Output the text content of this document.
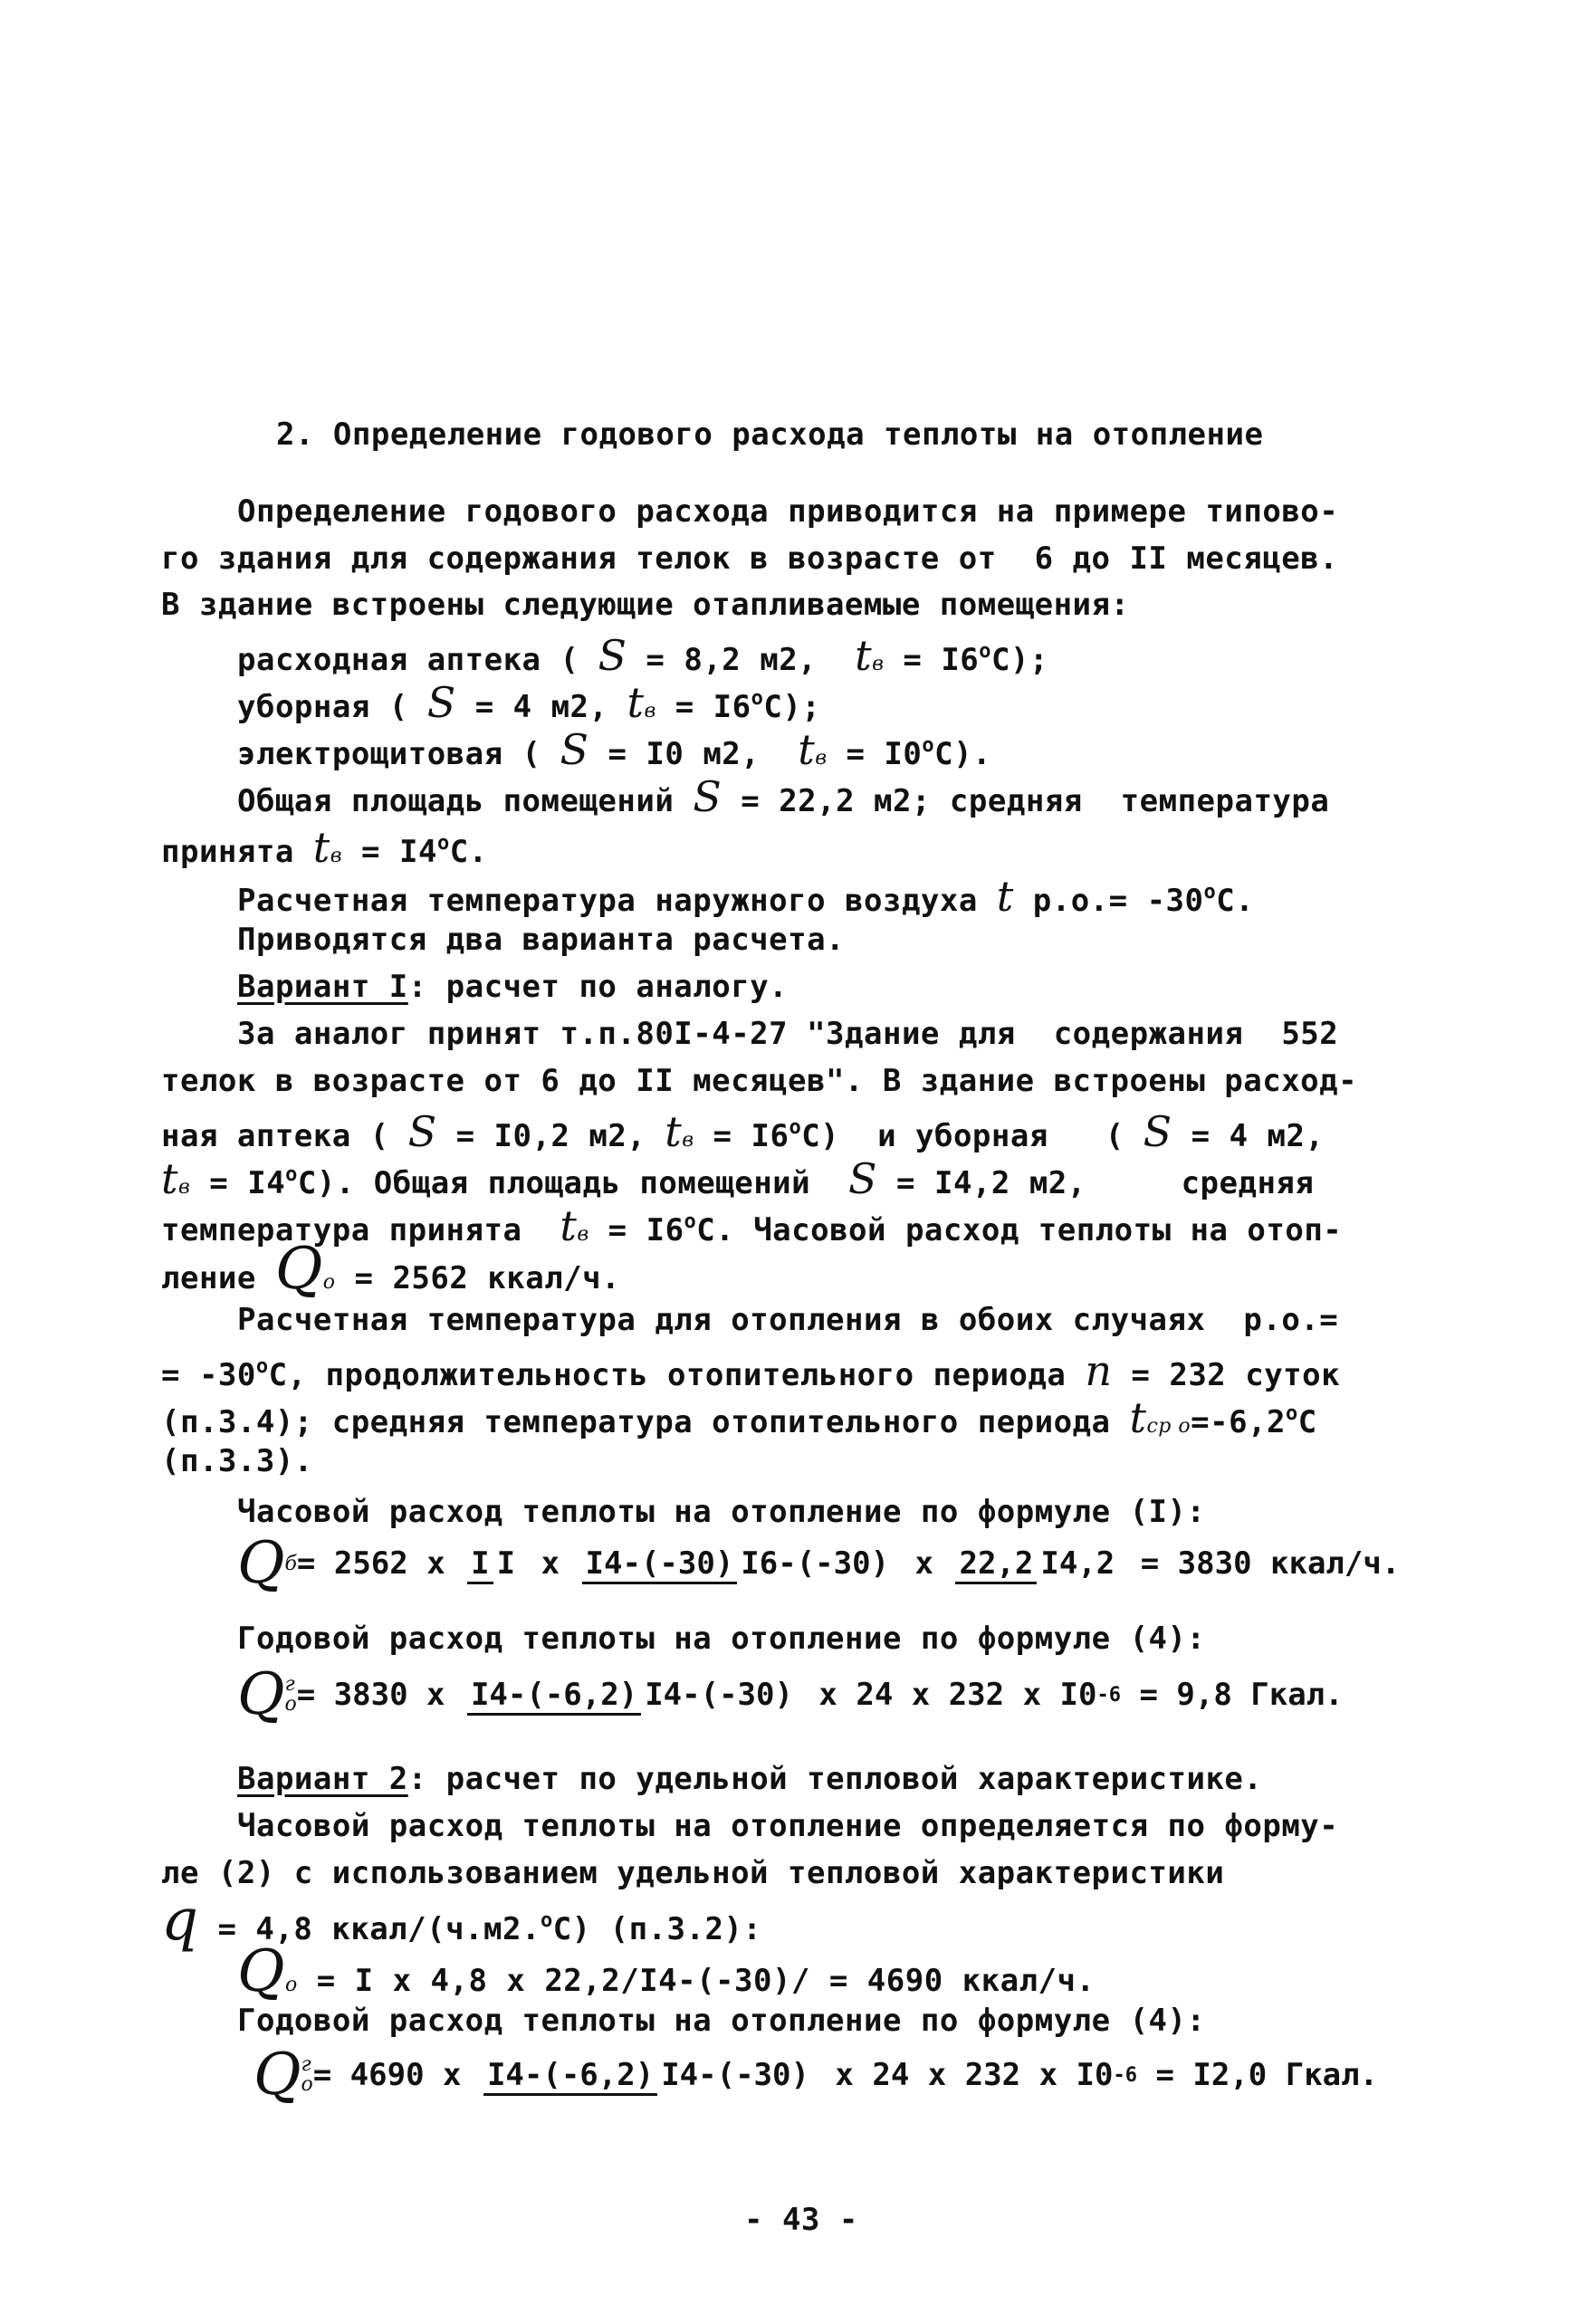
2. Определение годового расхода теплоты на отопление
Определение годового расхода приводится на примере типово-
го здания для содержания телок в возрасте от  6 до II месяцев.
В здание встроены следующие отапливаемые помещения:
расходная аптека ( S = 8,2 м2,  tв = $I6^оС$);
уборная ( S = 4 м2, tв = $I6^оС$);
электрощитовая ( S = I0 м2,  tв = $I0^оС$).
Общая площадь помещений S = 22,2 м2; средняя  температура
принята tв = $I4^оС$.
Расчетная температура наружного воздуха t $р.о.= -30^оС$.
Приводятся два варианта расчета.
Вариант I: расчет по аналогу.
За аналог принят т.п.80I-4-27 "Здание для  содержания  552
телок в возрасте от 6 до II месяцев". В здание встроены расход-
ная аптека ( S = I0,2 м2, tв = $I6^оС$)  и уборная   ( S = 4 м2,
tв = $I4^оС$). Общая площадь помещений  S = I4,2 м2,     средняя
температура принята  tв = $I6^оС$. Часовой расход теплоты на отоп-
ление Qо = 2562 ккал/ч.
Расчетная температура для отопления в обоих случаях  р.о.=
= $-30^оС$, продолжительность отопительного периода n = 232 суток
(п.3.4); средняя температура отопительного периода tср $о=-6,2^оС$
(п.3.3).
Часовой расход теплоты на отопление по формуле (I):
Q б = 2562 x I I x I4-(-30) I6-(-30) x 22,2 I4,2 = 3830 ккал/ч.
Годовой расход теплоты на отопление по формуле (4):
Q г
о = 3830 x I4-(-6,2) I4-(-30) x 24 x 232 x I0 -6 = 9,8 Гкал.
Вариант 2: расчет по удельной тепловой характеристике.
Часовой расход теплоты на отопление определяется по форму-
ле (2) с использованием удельной тепловой характеристики
q = 4,8 ккал/(ч.м2.$^о$С) (п.3.2):
Qо = I x 4,8 x 22,2/I4-(-30)/ = 4690 ккал/ч.
Годовой расход теплоты на отопление по формуле (4):
Q г
о = 4690 x I4-(-6,2) I4-(-30) x 24 x 232 x I0 -6 = I2,0 Гкал.
- 43 -
